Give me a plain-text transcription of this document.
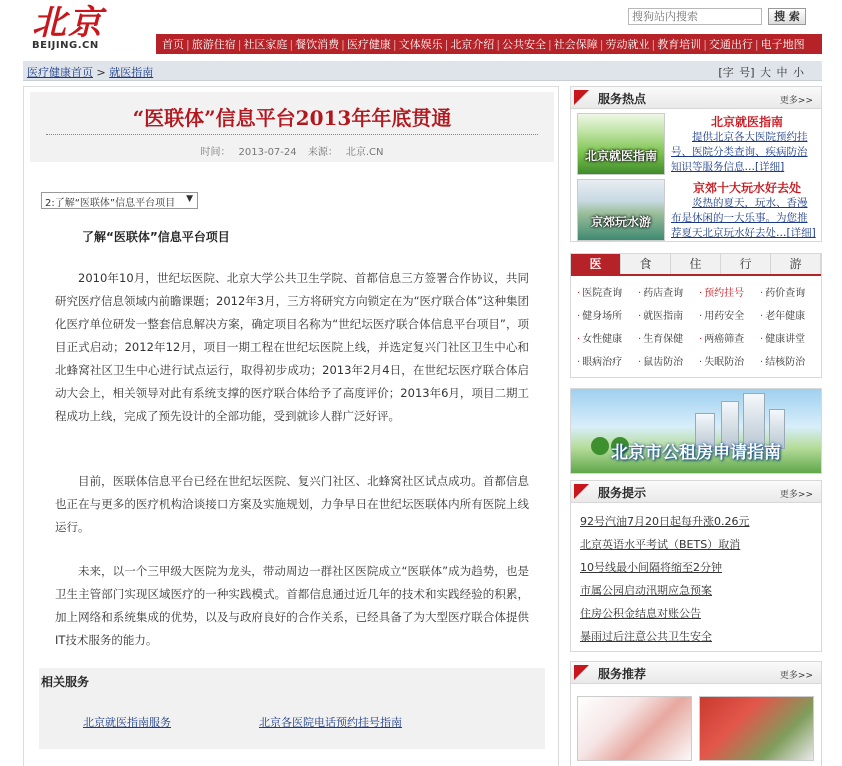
北京
BEIJING.CN
搜狗站内搜索
搜 索
首页 | 旅游住宿 | 社区家庭 | 餐饮消费 | 医疗健康 | 文体娱乐 | 北京介绍 | 公共安全 | 社会保障 | 劳动就业 | 教育培训 | 交通出行 | 电子地图
医疗健康首页 > 就医指南	[字 号] 大 中 小
“医联体”信息平台2013年年底贯通
时间： 2013-07-24 来源： 北京.CN
2:了解“医联体”信息平台项目 ▼
了解“医联体”信息平台项目

2010年10月，世纪坛医院、北京大学公共卫生学院、首都信息三方签署合作协议，共同研究医疗信息领域内前瞻课题；2012年3月，三方将研究方向锁定在为“医疗联合体”这种集团化医疗单位研发一整套信息解决方案，确定项目名称为“世纪坛医疗联合体信息平台项目”，项目正式启动；2012年12月，项目一期工程在世纪坛医院上线，并选定复兴门社区卫生中心和北蜂窝社区卫生中心进行试点运行，取得初步成功；2013年2月4日，在世纪坛医疗联合体启动大会上，相关领导对此有系统支撑的医疗联合体给予了高度评价；2013年6月，项目二期工程成功上线，完成了预先设计的全部功能，受到就诊人群广泛好评。

目前，医联体信息平台已经在世纪坛医院、复兴门社区、北蜂窝社区试点成功。首都信息也正在与更多的医疗机构洽谈接口方案及实施规划，力争早日在世纪坛医联体内所有医院上线运行。

未来，以一个三甲级大医院为龙头，带动周边一群社区医院成立“医联体”成为趋势，也是卫生主管部门实现区域医疗的一种实践模式。首都信息通过近几年的技术和实践经验的积累，加上网络和系统集成的优势，以及与政府良好的合作关系，已经具备了为大型医疗联合体提供IT技术服务的能力。

相关服务
北京就医指南服务	北京各医院电话预约挂号指南
服务热点	更多>>
北京就医指南
北京就医指南
提供北京各大医院预约挂号、医院分类查询、疾病防治知识等服务信息…[详细]
京郊玩水游
京郊十大玩水好去处
炎热的夏天，玩水、香漫布是休闲的一大乐事。为您推荐夏天北京玩水好去处…[详细]
医	食	住	行	游
· 医院查询	· 药店查询	· 预约挂号	· 药价查询
· 健身场所	· 就医指南	· 用药安全	· 老年健康
· 女性健康	· 生育保健	· 两癌筛查	· 健康讲堂
· 眼病治疗	· 鼠齿防治	· 失眠防治	· 结核防治
北京市公租房申请指南
服务提示	更多>>
92号汽油7月20日起每升涨0.26元
北京英语水平考试（BETS）取消
10号线最小间隔将缩至2分钟
市属公园启动汛期应急预案
住房公积金结息对账公告
暴雨过后注意公共卫生安全
服务推荐	更多>>
